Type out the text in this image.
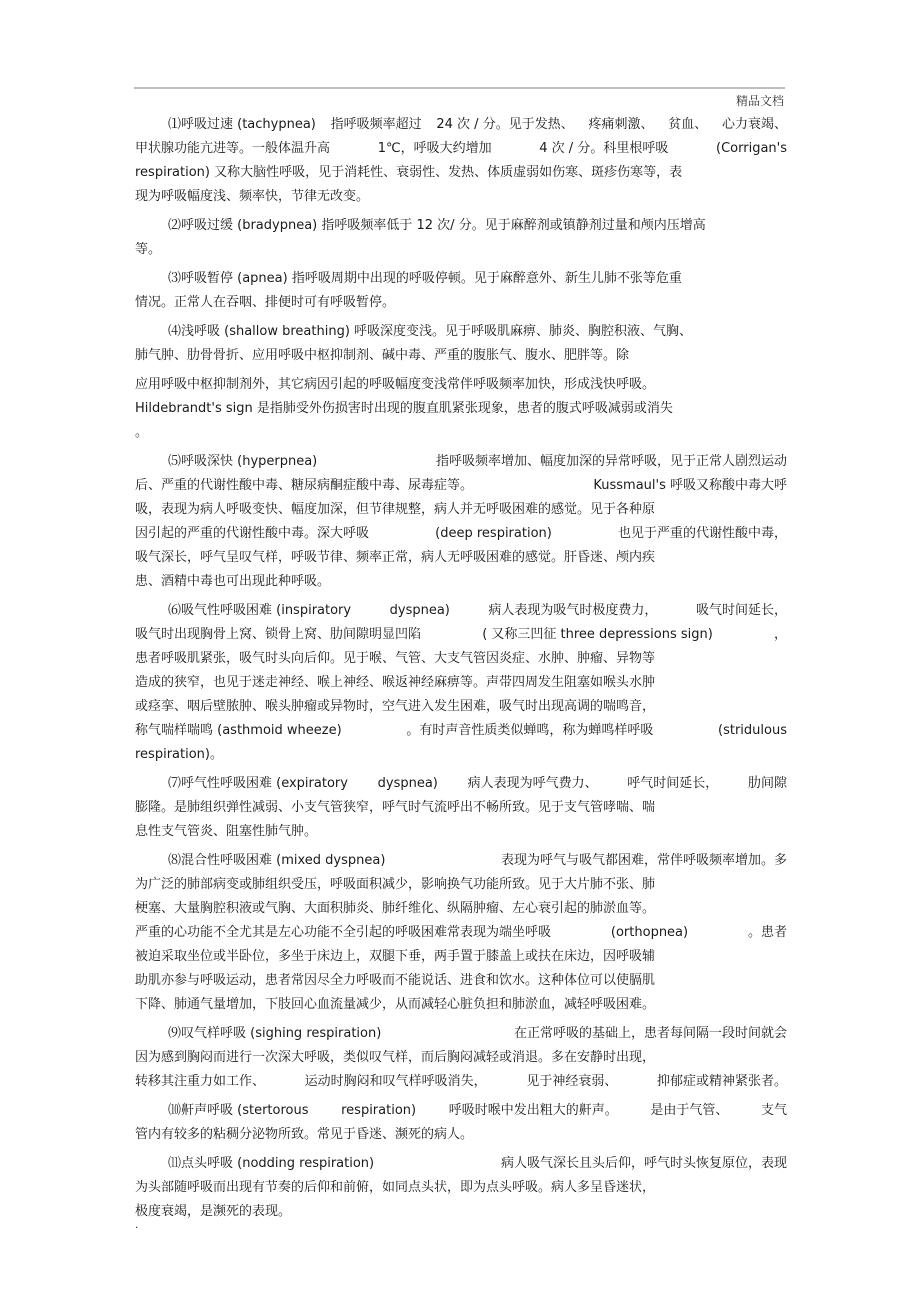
精品文档
⑴呼吸过速 (tachypnea) 指呼吸频率超过 24 次 / 分。见于发热、 疼痛刺激、 贫血、 心力衰竭、
甲状腺功能亢进等。一般体温升高	1℃，呼吸大约增加	4 次 / 分。科里根呼吸	(Corrigan's
respiration) 又称大脑性呼吸，见于消耗性、衰弱性、发热、体质虚弱如伤寒、斑疹伤寒等，表
现为呼吸幅度浅、频率快，节律无改变。
⑵呼吸过缓 (bradypnea) 指呼吸频率低于 12 次/ 分。见于麻醉剂或镇静剂过量和颅内压增高
等。
⑶呼吸暂停 (apnea) 指呼吸周期中出现的呼吸停顿。见于麻醉意外、新生儿肺不张等危重
情况。正常人在吞咽、排便时可有呼吸暂停。
⑷浅呼吸 (shallow breathing) 呼吸深度变浅。见于呼吸肌麻痹、肺炎、胸腔积液、气胸、
肺气肿、肋骨骨折、应用呼吸中枢抑制剂、碱中毒、严重的腹胀气、腹水、肥胖等。除
应用呼吸中枢抑制剂外，其它病因引起的呼吸幅度变浅常伴呼吸频率加快，形成浅快呼吸。
Hildebrandt's sign 是指肺受外伤损害时出现的腹直肌紧张现象，患者的腹式呼吸减弱或消失
。
⑸呼吸深快 (hyperpnea)	指呼吸频率增加、幅度加深的异常呼吸，见于正常人剧烈运动
后、严重的代谢性酸中毒、糖尿病酮症酸中毒、尿毒症等。	Kussmaul's 呼吸又称酸中毒大呼
吸，表现为病人呼吸变快、幅度加深，但节律规整，病人并无呼吸困难的感觉。见于各种原
因引起的严重的代谢性酸中毒。深大呼吸	(deep respiration)	也见于严重的代谢性酸中毒，
吸气深长，呼气呈叹气样，呼吸节律、频率正常，病人无呼吸困难的感觉。肝昏迷、颅内疾
患、酒精中毒也可出现此种呼吸。
⑹吸气性呼吸困难 (inspiratory	dyspnea)	病人表现为吸气时极度费力，	吸气时间延长，
吸气时出现胸骨上窝、锁骨上窝、肋间隙明显凹陷	( 又称三凹征 three depressions sign)	，
患者呼吸肌紧张，吸气时头向后仰。见于喉、气管、大支气管因炎症、水肿、肿瘤、异物等
造成的狭窄，也见于迷走神经、喉上神经、喉返神经麻痹等。声带四周发生阻塞如喉头水肿
或痉挛、咽后壁脓肿、喉头肿瘤或异物时，空气进入发生困难，吸气时出现高调的喘鸣音，
称气喘样喘鸣 (asthmoid wheeze)	。有时声音性质类似蝉鸣，称为蝉鸣样呼吸	(stridulous
respiration)。
⑺呼气性呼吸困难 (expiratory dyspnea) 病人表现为呼气费力、 呼气时间延长， 肋间隙
膨隆。是肺组织弹性减弱、小支气管狭窄，呼气时气流呼出不畅所致。见于支气管哮喘、喘
息性支气管炎、阻塞性肺气肿。
⑻混合性呼吸困难 (mixed dyspnea)	表现为呼气与吸气都困难，常伴呼吸频率增加。多
为广泛的肺部病变或肺组织受压，呼吸面积减少，影响换气功能所致。见于大片肺不张、肺
梗塞、大量胸腔积液或气胸、大面积肺炎、肺纤维化、纵隔肿瘤、左心衰引起的肺淤血等。
严重的心功能不全尤其是左心功能不全引起的呼吸困难常表现为端坐呼吸	(orthopnea)	。患者
被迫采取坐位或半卧位，多坐于床边上，双腿下垂，两手置于膝盖上或扶在床边，因呼吸辅
助肌亦参与呼吸运动，患者常因尽全力呼吸而不能说话、进食和饮水。这种体位可以使膈肌
下降、肺通气量增加，下肢回心血流量减少，从而减轻心脏负担和肺淤血，减轻呼吸困难。
⑼叹气样呼吸 (sighing respiration)	在正常呼吸的基础上，患者每间隔一段时间就会
因为感到胸闷而进行一次深大呼吸，类似叹气样，而后胸闷减轻或消退。多在安静时出现，
转移其注重力如工作、	运动时胸闷和叹气样呼吸消失，	见于神经衰弱、	抑郁症或精神紧张者。
⑽鼾声呼吸 (stertorous	respiration)	呼吸时喉中发出粗大的鼾声。	是由于气管、	支气
管内有较多的粘稠分泌物所致。常见于昏迷、濒死的病人。
⑾点头呼吸 (nodding respiration)	病人吸气深长且头后仰，呼气时头恢复原位，表现
为头部随呼吸而出现有节奏的后仰和前俯，如同点头状，即为点头呼吸。病人多呈昏迷状，
极度衰竭，是濒死的表现。
.
